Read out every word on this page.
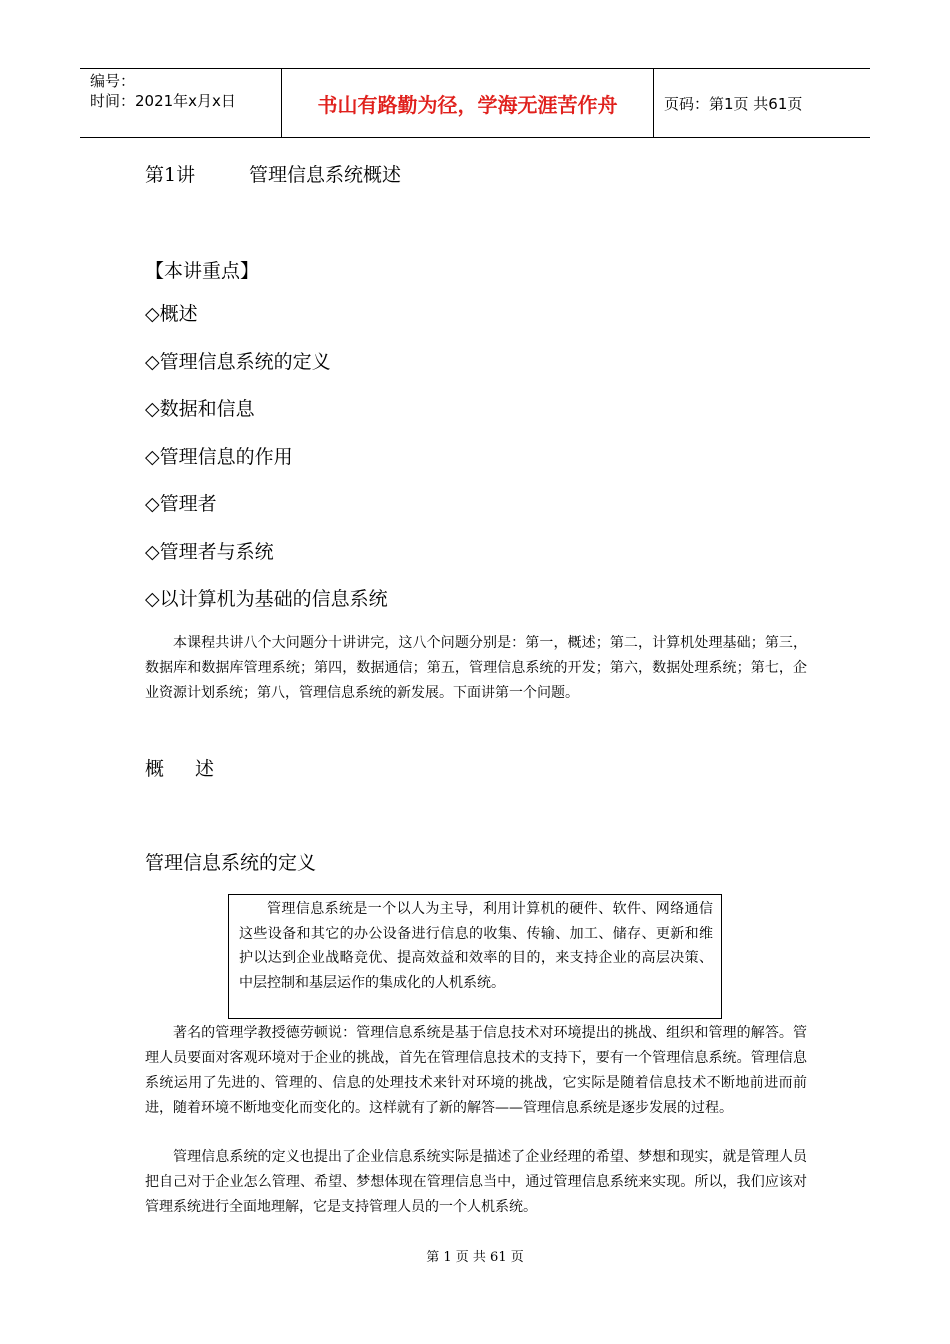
编号：
时间：2021年x月x日	书山有路勤为径，学海无涯苦作舟	页码：第1页 共61页
第1讲	管理信息系统概述
【本讲重点】
◇概述
◇管理信息系统的定义
◇数据和信息
◇管理信息的作用
◇管理者
◇管理者与系统
◇以计算机为基础的信息系统

本课程共讲八个大问题分十讲讲完，这八个问题分别是：第一，概述；第二，计算机处理基础；第三，数据库和数据库管理系统；第四，数据通信；第五，管理信息系统的开发；第六，数据处理系统；第七，企业资源计划系统；第八，管理信息系统的新发展。下面讲第一个问题。

概 述
管理信息系统的定义
管理信息系统是一个以人为主导，利用计算机的硬件、软件、网络通信这些设备和其它的办公设备进行信息的收集、传输、加工、储存、更新和维护以达到企业战略竞优、提高效益和效率的目的，来支持企业的高层决策、中层控制和基层运作的集成化的人机系统。

著名的管理学教授德劳顿说：管理信息系统是基于信息技术对环境提出的挑战、组织和管理的解答。管理人员要面对客观环境对于企业的挑战，首先在管理信息技术的支持下，要有一个管理信息系统。管理信息系统运用了先进的、管理的、信息的处理技术来针对环境的挑战，它实际是随着信息技术不断地前进而前进，随着环境不断地变化而变化的。这样就有了新的解答——管理信息系统是逐步发展的过程。

管理信息系统的定义也提出了企业信息系统实际是描述了企业经理的希望、梦想和现实，就是管理人员把自己对于企业怎么管理、希望、梦想体现在管理信息当中，通过管理信息系统来实现。所以，我们应该对管理系统进行全面地理解，它是支持管理人员的一个人机系统。

第 1 页 共 61 页
